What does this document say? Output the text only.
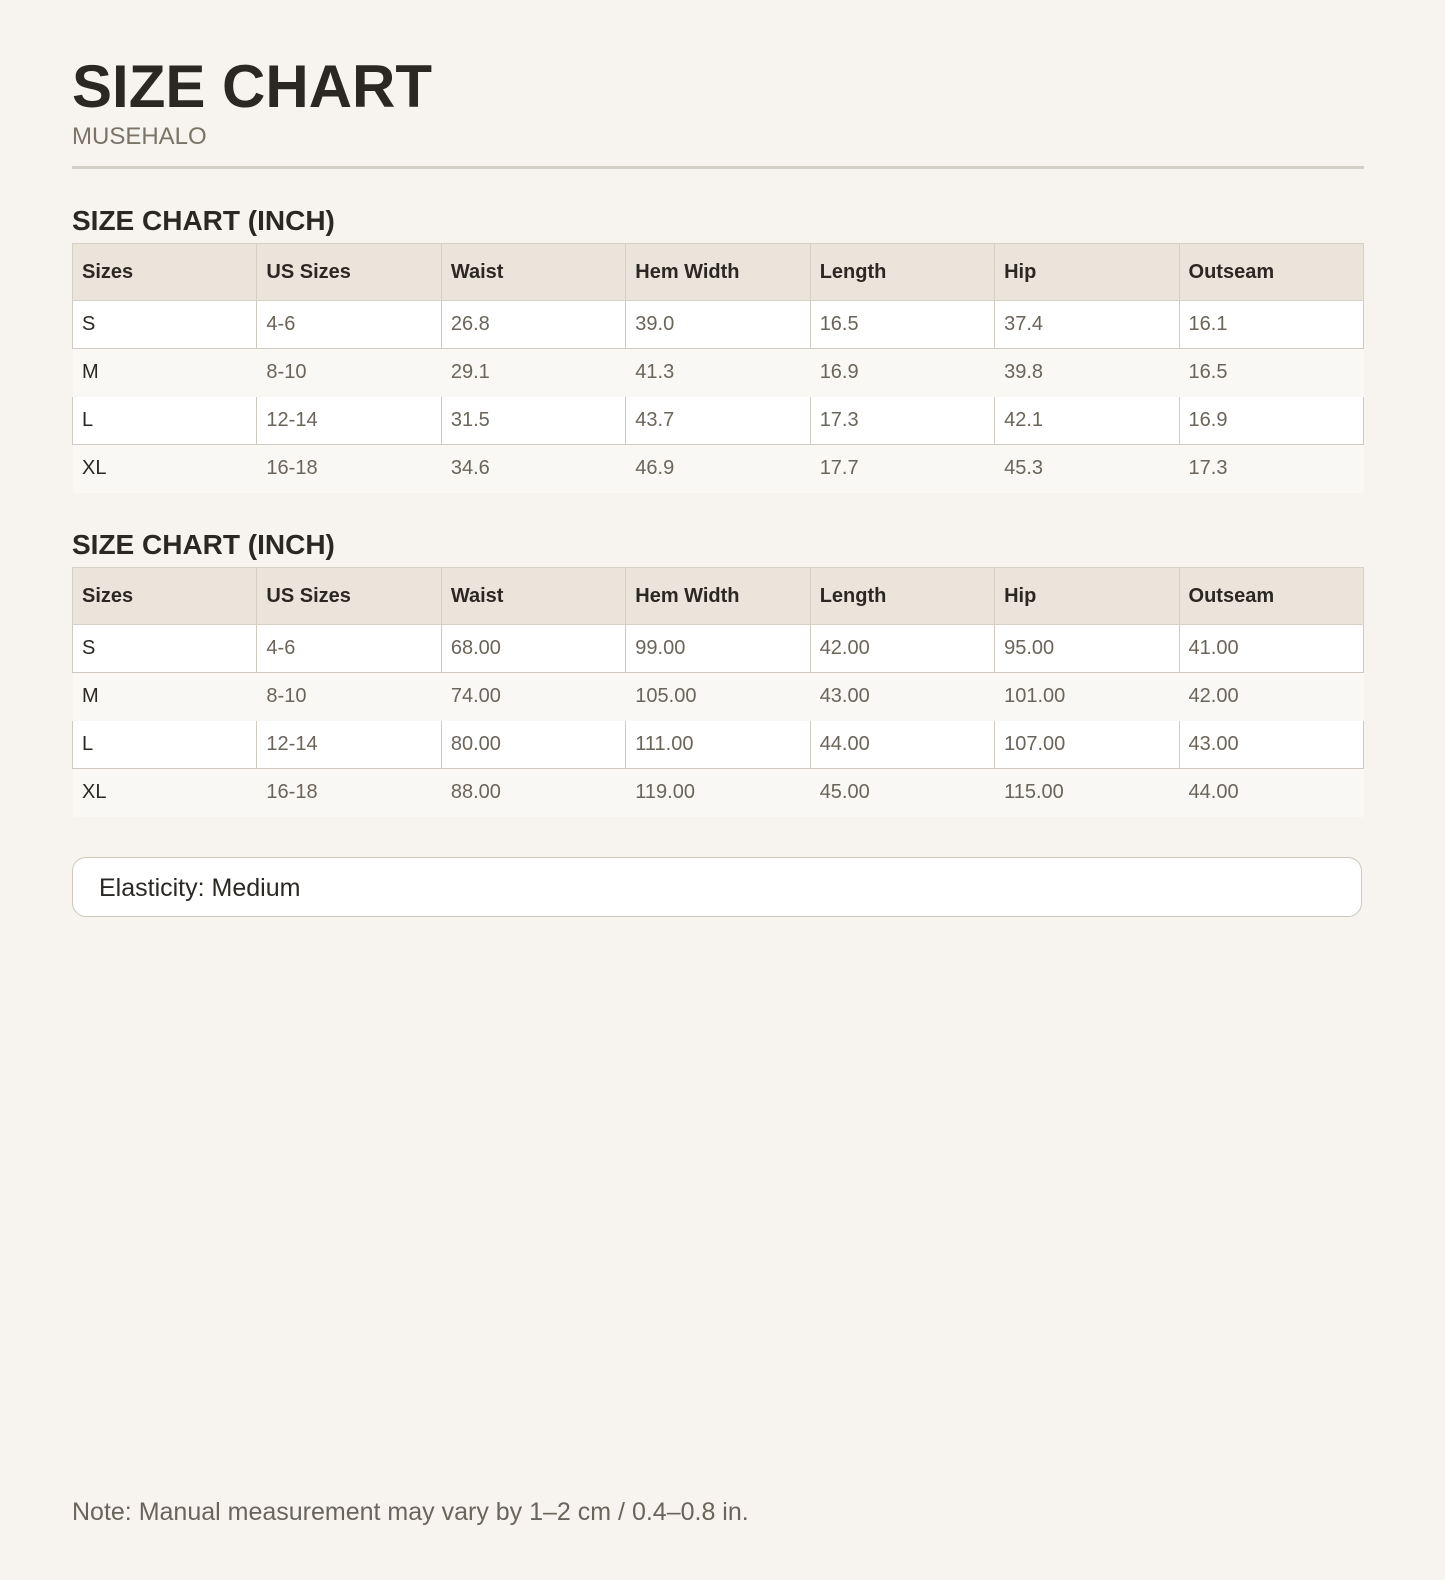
SIZE CHART
MUSEHALO
SIZE CHART (INCH)
Sizes	US Sizes	Waist	Hem Width	Length	Hip	Outseam
S	4-6	26.8	39.0	16.5	37.4	16.1
M	8-10	29.1	41.3	16.9	39.8	16.5
L	12-14	31.5	43.7	17.3	42.1	16.9
XL	16-18	34.6	46.9	17.7	45.3	17.3
SIZE CHART (INCH)
Sizes	US Sizes	Waist	Hem Width	Length	Hip	Outseam
S	4-6	68.00	99.00	42.00	95.00	41.00
M	8-10	74.00	105.00	43.00	101.00	42.00
L	12-14	80.00	111.00	44.00	107.00	43.00
XL	16-18	88.00	119.00	45.00	115.00	44.00
Elasticity: Medium
Note: Manual measurement may vary by 1–2 cm / 0.4–0.8 in.
